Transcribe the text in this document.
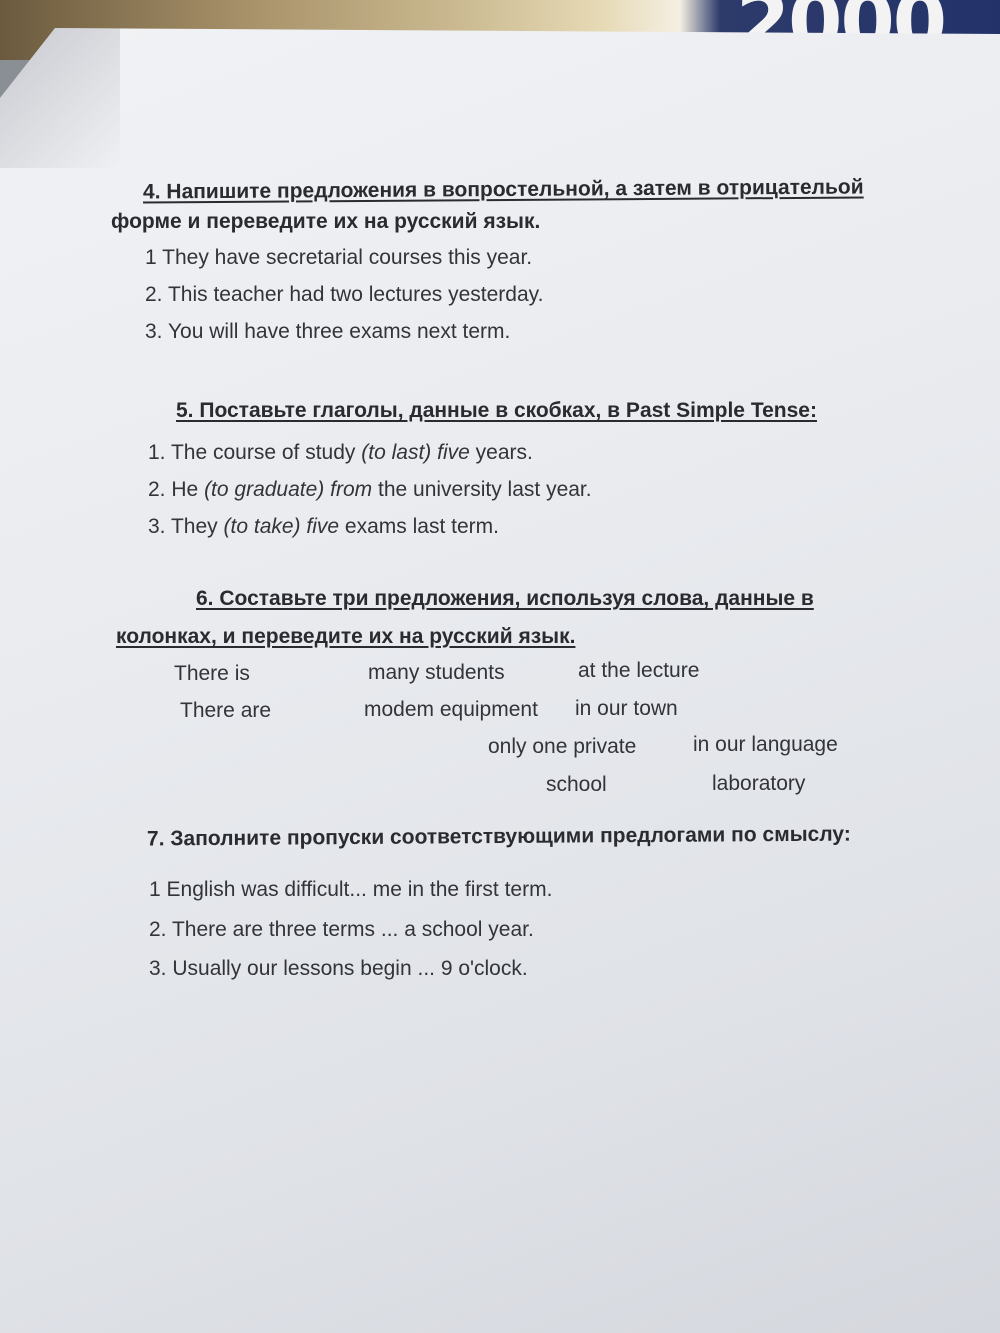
4. Напишите предложения в вопростельной, а затем в отрицательой
форме и переведите их на русский язык.
1 They have secretarial courses this year.
2. This teacher had two lectures yesterday.
3. You will have three exams next term.
5. Поставьте глаголы, данные в скобках, в Past Simple Tense:
1. The course of study (to last) five years.
2. He (to graduate) from the university last year.
3. They (to take) five exams last term.
6. Составьте три предложения, используя слова, данные в
колонках, и переведите их на русский язык.
There is
There are
many students
modem equipment
only one private
school
at the lecture
in our town
in our language
laboratory
7. Заполните пропуски соответствующими предлогами по смыслу:
1 English was difficult... me in the first term.
2. There are three terms ... a school year.
3. Usually our lessons begin ... 9 o'clock.
